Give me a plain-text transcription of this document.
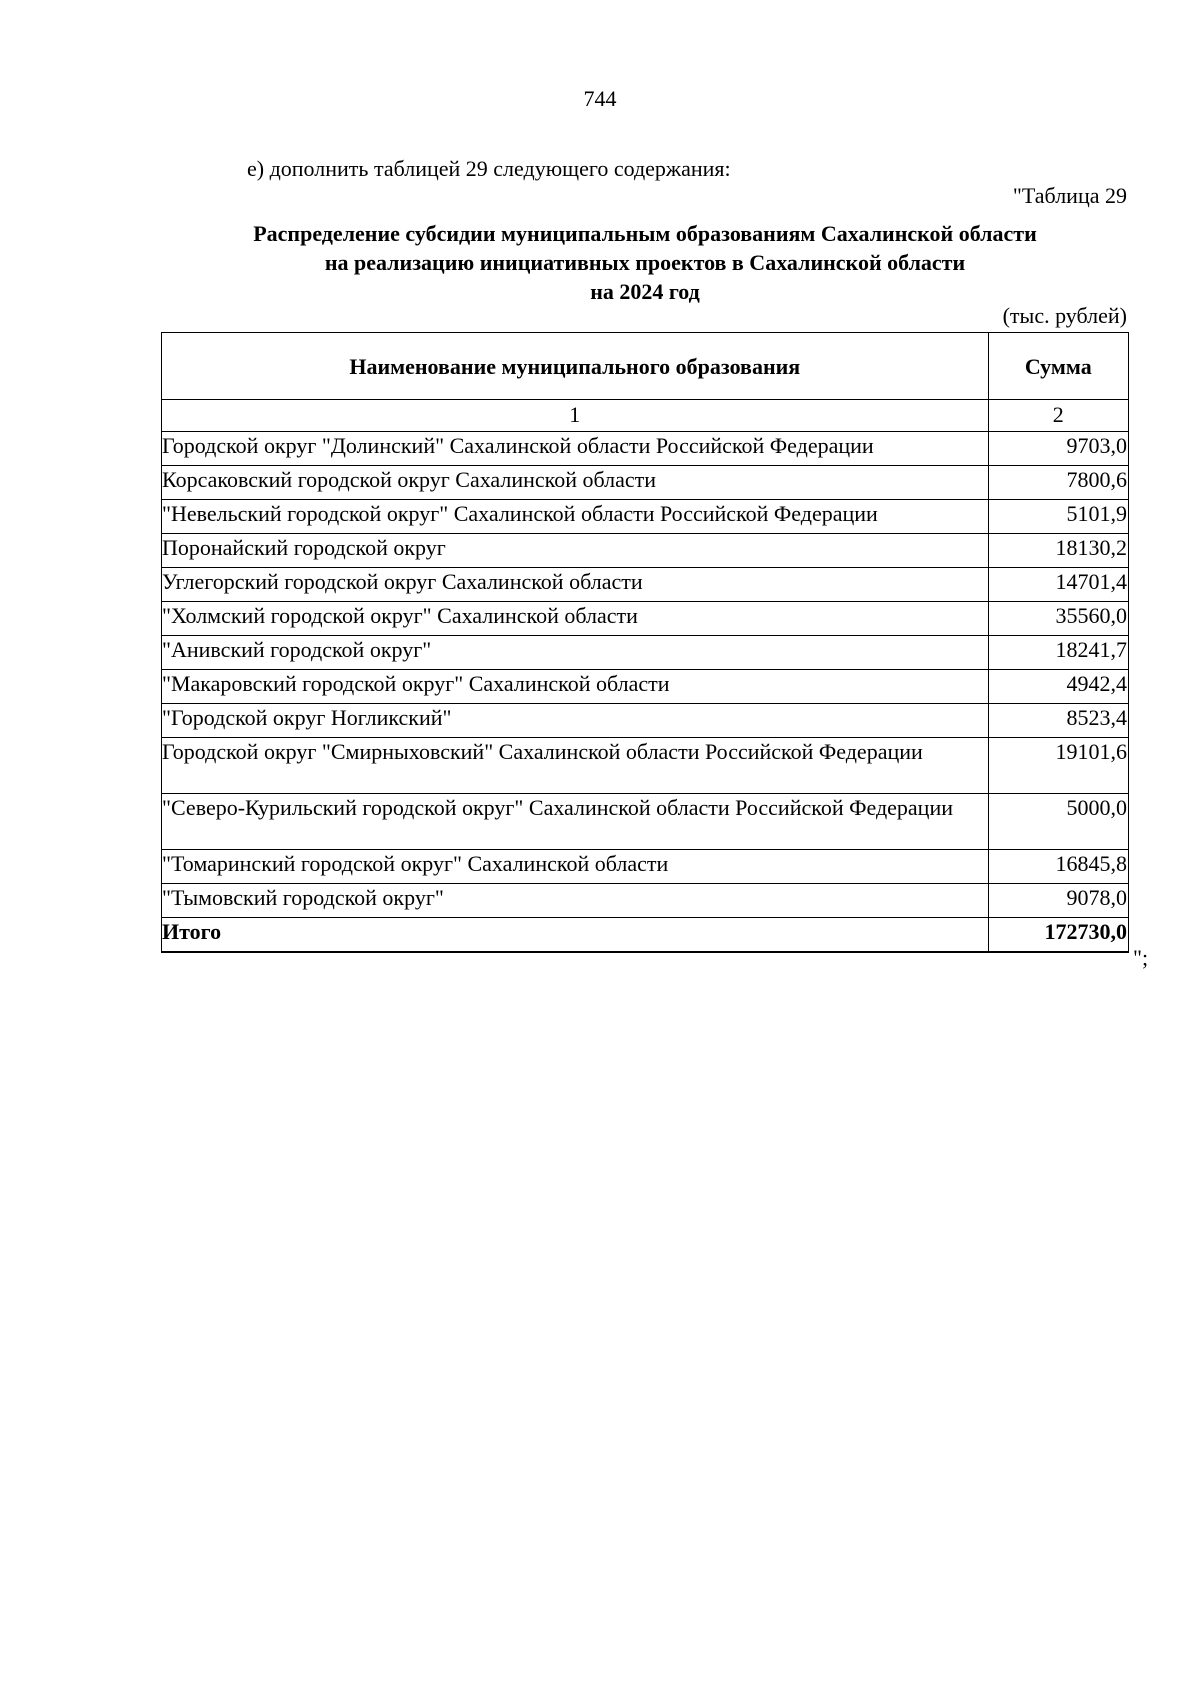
744
е) дополнить таблицей 29 следующего содержания:
"Таблица 29
Распределение субсидии муниципальным образованиям Сахалинской области
на реализацию инициативных проектов в Сахалинской области
на 2024 год
(тыс. рублей)
Наименование муниципального образования	Сумма
1	2
Городской округ "Долинский" Сахалинской области Российской Федерации	9703,0
Корсаковский городской округ Сахалинской области	7800,6
"Невельский городской округ" Сахалинской области Российской Федерации	5101,9
Поронайский городской округ	18130,2
Углегорский городской округ Сахалинской области	14701,4
"Холмский городской округ" Сахалинской области	35560,0
"Анивский городской округ"	18241,7
"Макаровский городской округ" Сахалинской области	4942,4
"Городской округ Ногликский"	8523,4
Городской округ "Смирныховский" Сахалинской области Российской Федерации	19101,6
"Северо-Курильский городской округ" Сахалинской области Российской Федерации	5000,0
"Томаринский городской округ" Сахалинской области	16845,8
"Тымовский городской округ"	9078,0
Итого	172730,0
";
